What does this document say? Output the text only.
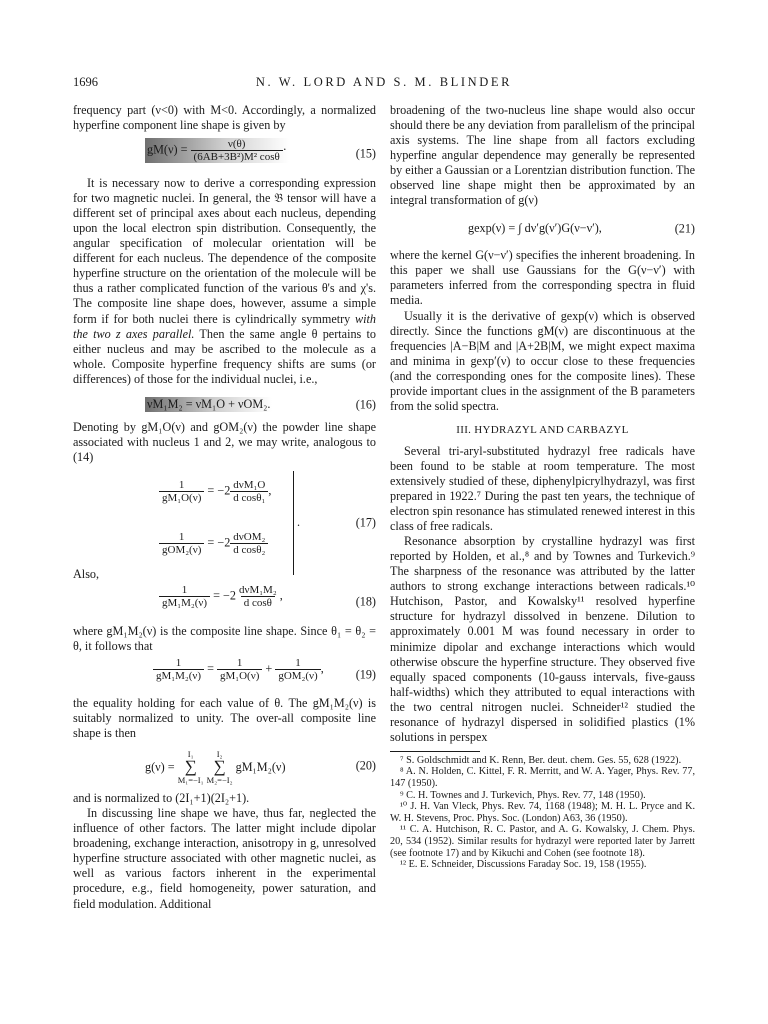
1696	N. W. LORD AND S. M. BLINDER

frequency part (ν<0) with M<0. Accordingly, a normalized hyperfine component line shape is given by

$gM(\nu) = \frac{\nu(\theta)}{\text{(6AB+3B²)M² cosθ}}$ ·	(15)

It is necessary now to derive a corresponding expression for two magnetic nuclei. In general, the 𝔅 tensor will have a different set of principal axes about each nucleus, depending upon the local electron spin distribution. Consequently, the angular specification of molecular orientation will be different for each nucleus. The dependence of the composite hyperfine structure on the orientation of the molecule will be thus a rather complicated function of the various θ's and χ's. The composite line shape does, however, assume a simple form if for both nuclei there is cylindrically symmetry with the two z axes parallel. Then the same angle θ pertains to either nucleus and may be ascribed to the molecule as a whole. Composite hyperfine frequency shifts are sums (or differences) of those for the individual nuclei, i.e.,

νM₁M₂ = νM₁O + νOM₂.	(16)

Denoting by gM₁O(ν) and gOM₂(ν) the powder line shape associated with nucleus 1 and 2, we may write, analogous to (14)

$\frac{1}{\text{gM₁O(ν)}} = -2 \frac{\text{dνM₁O}}{\text{d cosθ₁}}$ ,
$\frac{1}{\text{gOM₂(ν)}} = -2 \frac{\text{dνOM₂}}{\text{d cosθ₂}}$
.	(17)

Also,

$\frac{1}{\text{gM₁M₂(ν)}} = -2 \frac{\text{dνM₁M₂}}{\text{d cosθ}}$ ,	(18)

where gM₁M₂(ν) is the composite line shape. Since θ₁ = θ₂ = θ, it follows that

$\frac{1}{\text{gM₁M₂(ν)}} = \frac{1}{\text{gM₁O(ν)}} + \frac{1}{\text{gOM₂(ν)}}$ ,	(19)

the equality holding for each value of θ. The gM₁M₂(ν) is suitably normalized to unity. The over-all composite line shape is then

g(ν) =

I₁
∑
M₁=−I₁

I₂
∑
M₂=−I₂

gM₁M₂(ν)	(20)

and is normalized to (2I₁+1)(2I₂+1).

In discussing line shape we have, thus far, neglected the influence of other factors. The latter might include dipolar broadening, exchange interaction, anisotropy in g, unresolved hyperfine structure associated with other magnetic nuclei, as well as various factors inherent in the experimental procedure, e.g., field homogeneity, power saturation, and field modulation. Additional

broadening of the two-nucleus line shape would also occur should there be any deviation from parallelism of the principal axis systems. The line shape from all factors excluding hyperfine angular dependence may generally be represented by either a Gaussian or a Lorentzian distribution function. The observed line shape might then be approximated by an integral transformation of g(ν)

gexp(ν) = ∫ dν′g(ν′)G(ν−ν′),	(21)

where the kernel G(ν−ν′) specifies the inherent broadening. In this paper we shall use Gaussians for the G(ν−ν′) with parameters inferred from the corresponding spectra in fluid media.

Usually it is the derivative of gexp(ν) which is observed directly. Since the functions gM(ν) are discontinuous at the frequencies |A−B|M and |A+2B|M, we might expect maxima and minima in gexp′(ν) to occur close to these frequencies (and the corresponding ones for the composite lines). These provide important clues in the assignment of the B parameters from the solid spectra.

III. HYDRAZYL AND CARBAZYL

Several tri-aryl-substituted hydrazyl free radicals have been found to be stable at room temperature. The most extensively studied of these, diphenylpicrylhydrazyl, was first prepared in 1922.⁷ During the past ten years, the technique of electron spin resonance has stimulated renewed interest in this class of free radicals.

Resonance absorption by crystalline hydrazyl was first reported by Holden, et al.,⁸ and by Townes and Turkevich.⁹ The sharpness of the resonance was attributed by the latter authors to strong exchange interactions between radicals.¹⁰ Hutchison, Pastor, and Kowalsky¹¹ resolved hyperfine structure for hydrazyl dissolved in benzene. Dilution to approximately 0.001 M was found necessary in order to minimize dipolar and exchange interactions which would otherwise obscure the hyperfine structure. They observed five equally spaced components (10-gauss intervals, five-gauss half-widths) which they attributed to equal interactions with the two central nitrogen nuclei. Schneider¹² studied the resonance of hydrazyl dispersed in solidified plastics (1% solutions in perspex

⁷ S. Goldschmidt and K. Renn, Ber. deut. chem. Ges. 55, 628 (1922).

⁸ A. N. Holden, C. Kittel, F. R. Merritt, and W. A. Yager, Phys. Rev. 77, 147 (1950).

⁹ C. H. Townes and J. Turkevich, Phys. Rev. 77, 148 (1950).

¹⁰ J. H. Van Vleck, Phys. Rev. 74, 1168 (1948); M. H. L. Pryce and K. W. H. Stevens, Proc. Phys. Soc. (London) A63, 36 (1950).

¹¹ C. A. Hutchison, R. C. Pastor, and A. G. Kowalsky, J. Chem. Phys. 20, 534 (1952). Similar results for hydrazyl were reported later by Jarrett (see footnote 17) and by Kikuchi and Cohen (see footnote 18).

¹² E. E. Schneider, Discussions Faraday Soc. 19, 158 (1955).
